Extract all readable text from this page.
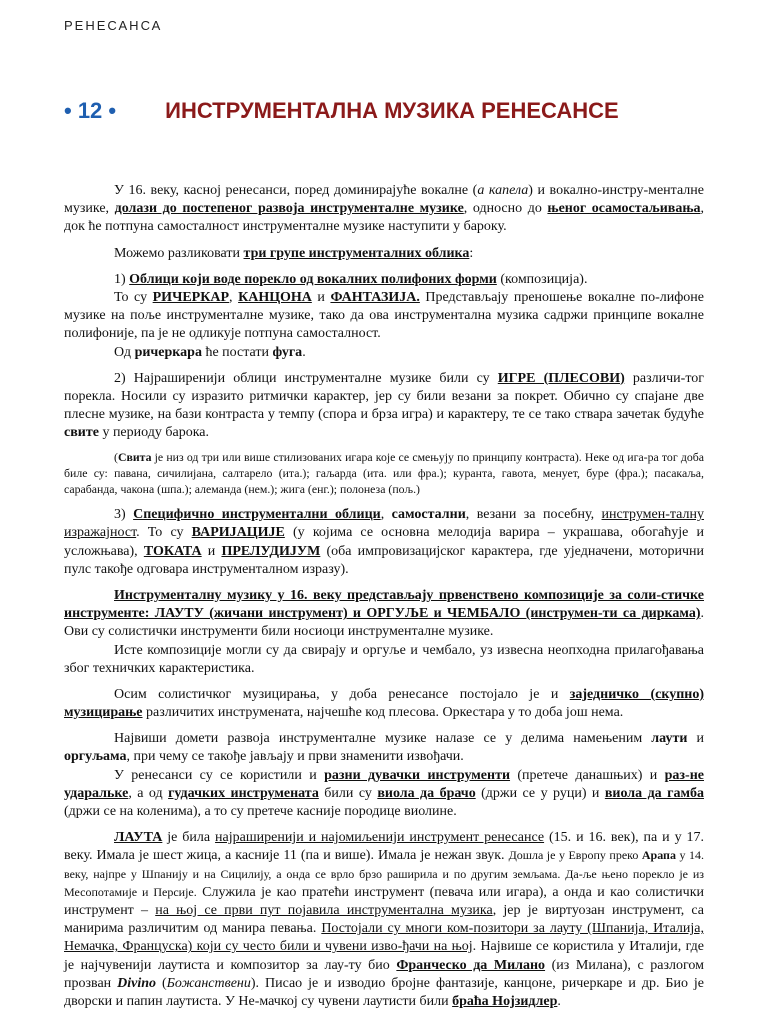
РЕНЕСАНСА
• 12 • ИНСТРУМЕНТАЛНА МУЗИКА РЕНЕСАНСЕ

У 16. веку, касној ренесанси, поред доминирајуће вокалне (а капела) и вокално-инстру-менталне музике, долази до постепеног развоја инструменталне музике, односно до њеног осамостаљивања, док ће потпуна самосталност инструменталне музике наступити у бароку.

Можемо разликовати три групе инструменталних облика:

1) Облици који воде порекло од вокалних полифоних форми (композиција).

То су РИЧЕРКАР, КАНЦОНА и ФАНТАЗИЈА. Представљају преношење вокалне по-лифоне музике на поље инструменталне музике, тако да ова инструментална музика садржи принципе вокалне полифоније, па је не одликује потпуна самосталност.

Од ричеркара ће постати фуга.

2) Најраширенији облици инструменталне музике били су ИГРЕ (ПЛЕСОВИ) различи-тог порекла. Носили су изразито ритмички карактер, јер су били везани за покрет. Обично су спајане две плесне музике, на бази контраста у темпу (спора и брза игра) и карактеру, те се тако ствара зачетак будуће свите у периоду барока.

(Свита је низ од три или више стилизованих игара које се смењују по принципу контраста). Неке од ига-ра тог доба биле су: павана, сичилијана, салтарело (ита.); гаљарда (ита. или фра.); куранта, гавота, менует, буре (фра.); пасакаља, сарабанда, чакона (шпа.); алеманда (нем.); жига (енг.); полонеза (пољ.)

3) Специфично инструментални облици, самостални, везани за посебну, инструмен-талну изражајност. То су ВАРИЈАЦИЈЕ (у којима се основна мелодија варира – украшава, обогаћује и усложњава), ТОКАТА и ПРЕЛУДИЈУМ (оба импровизацијског карактера, где уједначени, моторични пулс такође одговара инструменталном изразу).

Инструменталну музику у 16. веку представљају првенствено композиције за соли-стичке инструменте: ЛАУТУ (жичани инструмент) и ОРГУЉЕ и ЧЕМБАЛО (инструмен-ти са диркама). Ови су солистички инструменти били носиоци инструменталне музике.

Исте композиције могли су да свирају и оргуље и чембало, уз извесна неопходна прилагођавања због техничких карактеристика.

Осим солистичког музицирања, у доба ренесансе постојало је и заједничко (скупно) музицирање различитих инструмената, најчешће код плесова. Оркестара у то доба још нема.

Највиши домети развоја инструменталне музике налазе се у делима намењеним лаути и оргуљама, при чему се такође јављају и први знаменити извођачи.

У ренесанси су се користили и разни дувачки инструменти (претече данашњих) и раз-не ударальке, а од гудачких инструмената били су виола да брачо (држи се у руци) и виола да гамба (држи се на коленима), а то су претече касније породице виолине.

ЛАУТА је била најраширенији и најомиљенији инструмент ренесансе (15. и 16. век), па и у 17. веку. Имала је шест жица, а касније 11 (па и више). Имала је нежан звук. Дошла је у Европу преко Арапа у 14. веку, најпре у Шпанију и на Сицилију, а онда се врло брзо раширила и по другим земљама. Да-ље њено порекло је из Месопотамије и Персије. Служила је као пратећи инструмент (певача или игара), а онда и као солистички инструмент – на њој се први пут појавила инструментална музика, јер је виртуозан инструмент, са манирима различитим од манира певања. Постојали су многи ком-позитори за лауту (Шпанија, Италија, Немачка, Француска) који су често били и чувени изво-ђачи на њој. Највише се користила у Италији, где је најчувенији лаутиста и композитор за лау-ту био Франческо да Милано (из Милана), с разлогом прозван Divino (Божанствени). Писао је и изводио бројне фантазије, канцоне, ричеркаре и др. Био је дворски и папин лаутиста. У Не-мачкој су чувени лаутисти били браћа Нојзидлер.
